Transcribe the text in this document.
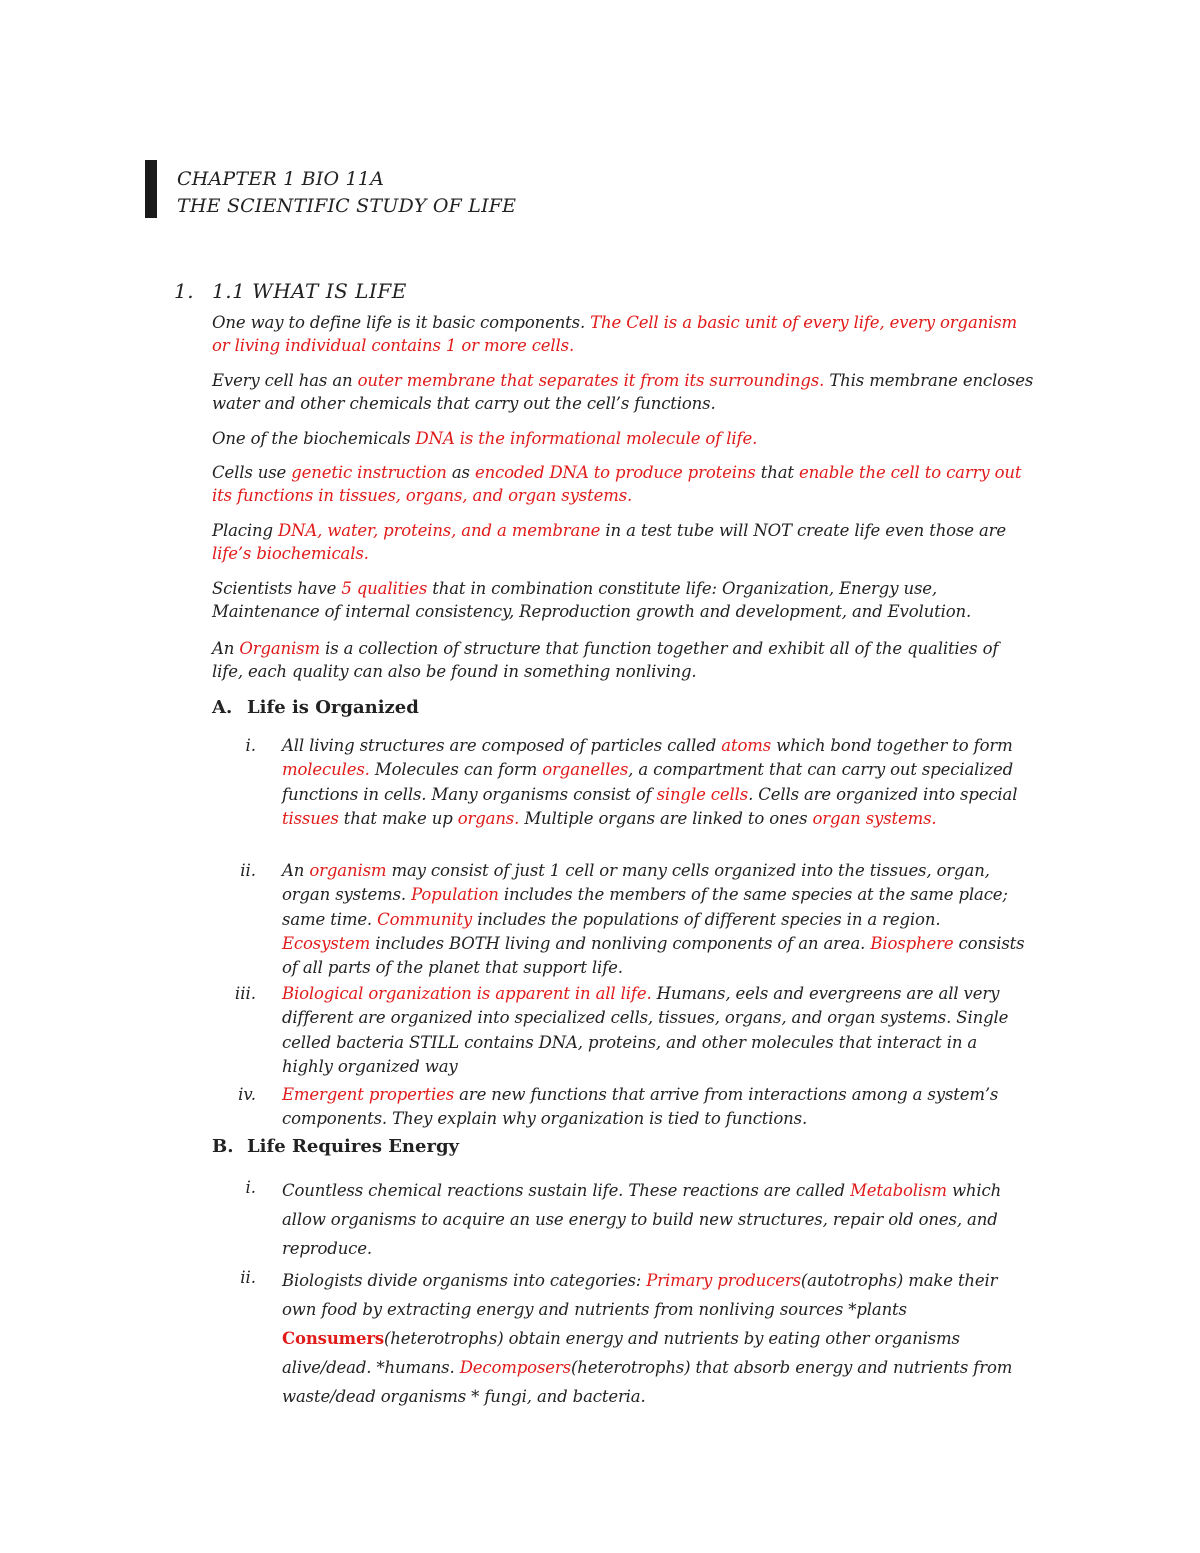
CHAPTER 1 BIO 11A
THE SCIENTIFIC STUDY OF LIFE
1. 1.1 WHAT IS LIFE
One way to define life is it basic components. The Cell is a basic unit of every life, every organism or living individual contains 1 or more cells.
Every cell has an outer membrane that separates it from its surroundings. This membrane encloses water and other chemicals that carry out the cell’s functions.
One of the biochemicals DNA is the informational molecule of life.
Cells use genetic instruction as encoded DNA to produce proteins that enable the cell to carry out its functions in tissues, organs, and organ systems.
Placing DNA, water, proteins, and a membrane in a test tube will NOT create life even those are life’s biochemicals.
Scientists have 5 qualities that in combination constitute life: Organization, Energy use, Maintenance of internal consistency, Reproduction growth and development, and Evolution.
An Organism is a collection of structure that function together and exhibit all of the qualities of life, each quality can also be found in something nonliving.
A. Life is Organized
i. All living structures are composed of particles called atoms which bond together to form molecules. Molecules can form organelles, a compartment that can carry out specialized functions in cells. Many organisms consist of single cells. Cells are organized into special tissues that make up organs. Multiple organs are linked to ones organ systems.
ii. An organism may consist of just 1 cell or many cells organized into the tissues, organ, organ systems. Population includes the members of the same species at the same place; same time. Community includes the populations of different species in a region. Ecosystem includes BOTH living and nonliving components of an area. Biosphere consists of all parts of the planet that support life.
iii. Biological organization is apparent in all life. Humans, eels and evergreens are all very different are organized into specialized cells, tissues, organs, and organ systems. Single celled bacteria STILL contains DNA, proteins, and other molecules that interact in a highly organized way
iv. Emergent properties are new functions that arrive from interactions among a system’s components. They explain why organization is tied to functions.
B. Life Requires Energy
i. Countless chemical reactions sustain life. These reactions are called Metabolism which allow organisms to acquire an use energy to build new structures, repair old ones, and reproduce.
ii. Biologists divide organisms into categories: Primary producers(autotrophs) make their own food by extracting energy and nutrients from nonliving sources *plants Consumers(heterotrophs) obtain energy and nutrients by eating other organisms alive/dead. *humans. Decomposers(heterotrophs) that absorb energy and nutrients from waste/dead organisms * fungi, and bacteria.
